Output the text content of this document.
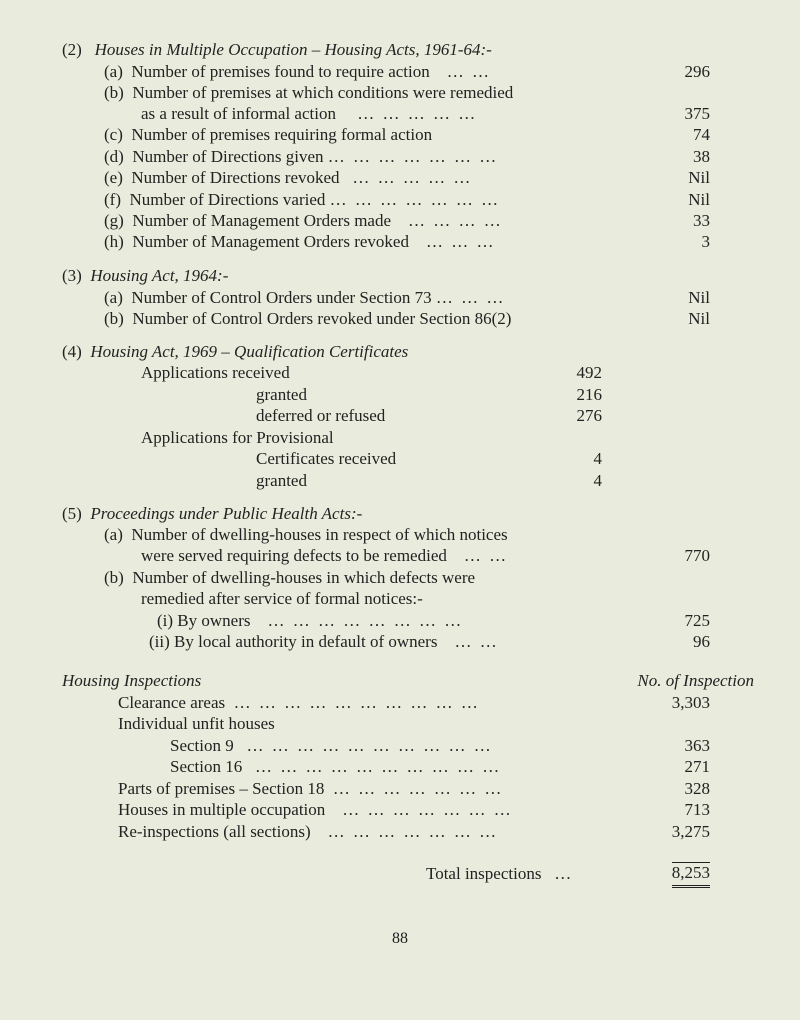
(2) Houses in Multiple Occupation – Housing Acts, 1961-64:-
(a) Number of premises found to require action … …	296
(b) Number of premises at which conditions were remedied
as a result of informal action … … … … …	375
(c) Number of premises requiring formal action	74
(d) Number of Directions given … … … … … … …	38
(e) Number of Directions revoked … … … … …	Nil
(f) Number of Directions varied … … … … … … …	Nil
(g) Number of Management Orders made … … … …	33
(h) Number of Management Orders revoked … … …	3
(3) Housing Act, 1964:-
(a) Number of Control Orders under Section 73 … … …	Nil
(b) Number of Control Orders revoked under Section 86(2)	Nil
(4) Housing Act, 1969 – Qualification Certificates
Applications received	492
granted	216
deferred or refused	276
Applications for Provisional
Certificates received	4
granted	4
(5) Proceedings under Public Health Acts:-
(a) Number of dwelling-houses in respect of which notices
were served requiring defects to be remedied … …	770
(b) Number of dwelling-houses in which defects were
remedied after service of formal notices:-
(i) By owners … … … … … … … …	725
(ii) By local authority in default of owners … …	96
Housing Inspections	No. of Inspection
Clearance areas … … … … … … … … … …	3,303
Individual unfit houses
Section 9 … … … … … … … … … …	363
Section 16 … … … … … … … … … …	271
Parts of premises – Section 18 … … … … … … …	328
Houses in multiple occupation … … … … … … …	713
Re-inspections (all sections) … … … … … … …	3,275
Total inspections …	8,253
88
